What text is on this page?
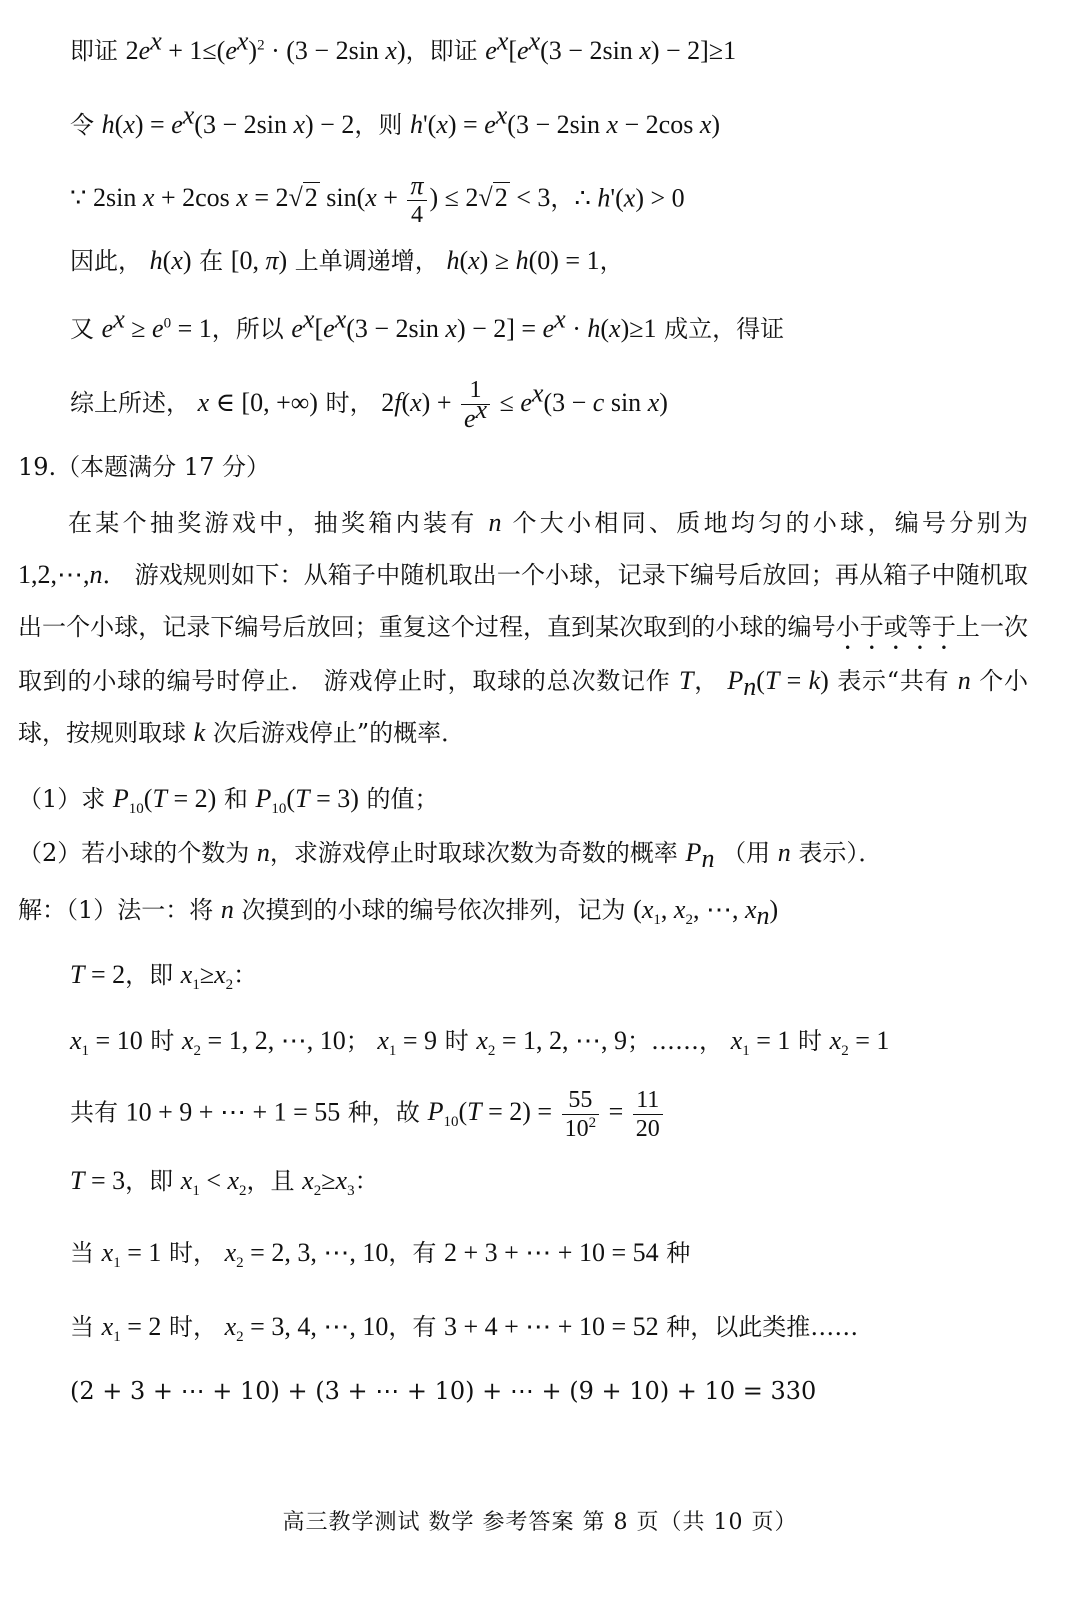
即证 $2e^x + 1\le(e^x)^2 \cdot (3 - 2\sin$ x)，即证 $e^x[e^x(3 - 2\sin$ x) − 2]≥1
令 $h(x) = e^x(3 - 2\sin$ x) − 2，则 $h'(x) = e^x(3 - 2\sin$ x − 2cos x)
∵ 2sin x + 2cos x = 2√2 $\sin(x + \frac{\pi}{4}$ ) ≤ 2√2 < 3，∴ h'(x) > 0
因此， h(x) 在 [0, π) 上单调递增， h(x) ≥ h(0) = 1，
又 $e^x \ge e^0 = 1$，所以 $e^x[e^x(3 - 2\sin$ $x) - 2] = e^x \cdot h(x)\ge 1$ 成立，得证
综上所述， x ∈ [0, +∞) 时， $2f(x) + \frac{1}{e^x} \le e^x(3 - c$ sin x)
19.（本题满分 17 分）
在某个抽奖游戏中，抽奖箱内装有 n 个大小相同、质地均匀的小球，编号分别为 1,2,⋯,n． 游戏规则如下：从箱子中随机取出一个小球，记录下编号后放回；再从箱子中随机取出一个小球，记录下编号后放回；重复这个过程，直到某次取到的小球的编号小于或等于上一次取到的小球的编号时停止． 游戏停止时，取球的总次数记作 T， $P_n(T = k)$ 表示“共有 n 个小球，按规则取球 k 次后游戏停止”的概率．
（1）求 $P_{10}(T = 2)$ 和 $P_{10}(T = 3)$ 的值；
（2）若小球的个数为 n，求游戏停止时取球次数为奇数的概率 $P_n$ （用 n 表示）．
解：（1）法一：将 n 次摸到的小球的编号依次排列，记为 ($x_1$, $x_2$, ⋯, $x_n$)
T = 2，即 $x_1\ge x_2$：
$x_1 = 10$ 时 $x_2 = 1$, 2, ⋯, 10； $x_1 = 9$ 时 $x_2 = 1$, 2, ⋯, 9；……， $x_1 = 1$ 时 $x_2 = 1$
共有 10 + 9 + ⋯ + 1 = 55 种，故 $P_{10}(T = 2) = \frac{55}{10^2} = \frac{11}{20}$
T = 3，即 $x_1 < x_2$，且 $x_2\ge x_3$：
当 $x_1 = 1$ 时， $x_2 = 2$, 3, ⋯, 10，有 2 + 3 + ⋯ + 10 = 54 种
当 $x_1 = 2$ 时， $x_2 = 3$, 4, ⋯, 10，有 3 + 4 + ⋯ + 10 = 52 种，以此类推……
(2 + 3 + ⋯ + 10) + (3 + ⋯ + 10) + ⋯ + (9 + 10) + 10 = 330
高三教学测试 数学 参考答案 第 8 页（共 10 页）
